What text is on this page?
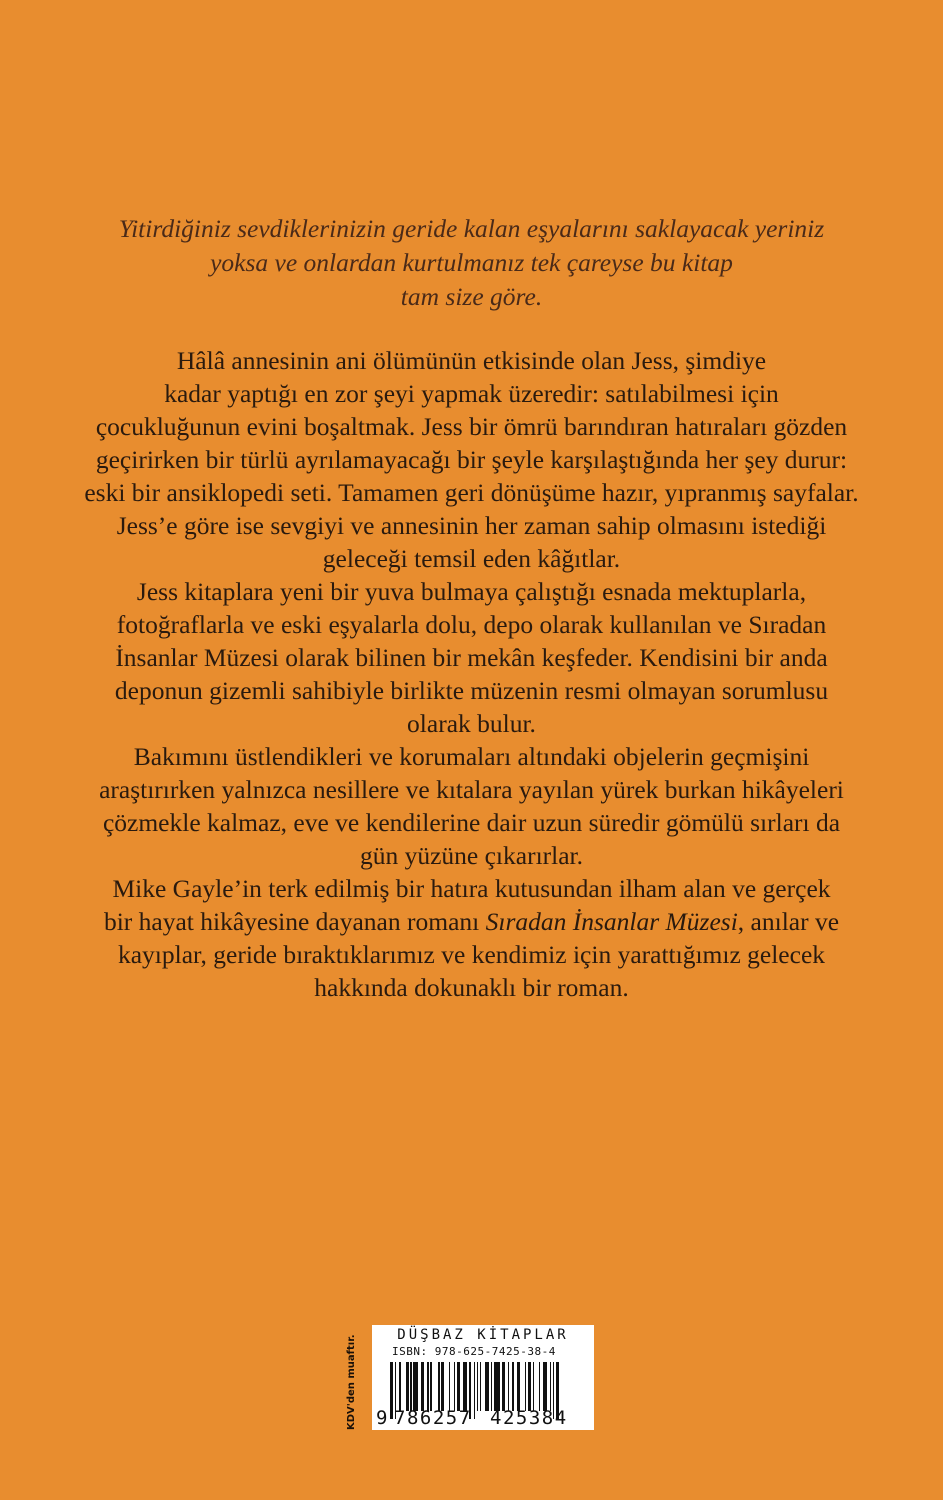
Yitirdiğiniz sevdiklerinizin geride kalan eşyalarını saklayacak yeriniz
yoksa ve onlardan kurtulmanız tek çareyse bu kitap
tam size göre.
Hâlâ annesinin ani ölümünün etkisinde olan Jess, şimdiye
kadar yaptığı en zor şeyi yapmak üzeredir: satılabilmesi için
çocukluğunun evini boşaltmak. Jess bir ömrü barındıran hatıraları gözden
geçirirken bir türlü ayrılamayacağı bir şeyle karşılaştığında her şey durur:
eski bir ansiklopedi seti. Tamamen geri dönüşüme hazır, yıpranmış sayfalar.
Jess’e göre ise sevgiyi ve annesinin her zaman sahip olmasını istediği
geleceği temsil eden kâğıtlar.
Jess kitaplara yeni bir yuva bulmaya çalıştığı esnada mektuplarla,
fotoğraflarla ve eski eşyalarla dolu, depo olarak kullanılan ve Sıradan
İnsanlar Müzesi olarak bilinen bir mekân keşfeder. Kendisini bir anda
deponun gizemli sahibiyle birlikte müzenin resmi olmayan sorumlusu
olarak bulur.
Bakımını üstlendikleri ve korumaları altındaki objelerin geçmişini
araştırırken yalnızca nesillere ve kıtalara yayılan yürek burkan hikâyeleri
çözmekle kalmaz, eve ve kendilerine dair uzun süredir gömülü sırları da
gün yüzüne çıkarırlar.
Mike Gayle’in terk edilmiş bir hatıra kutusundan ilham alan ve gerçek
bir hayat hikâyesine dayanan romanı Sıradan İnsanlar Müzesi, anılar ve
kayıplar, geride bıraktıklarımız ve kendimiz için yarattığımız gelecek
hakkında dokunaklı bir roman.
KDV'den muaftır.	DÜŞBAZ KİTAPLAR
ISBN: 978-625-7425-38-4
9 786257 425384
